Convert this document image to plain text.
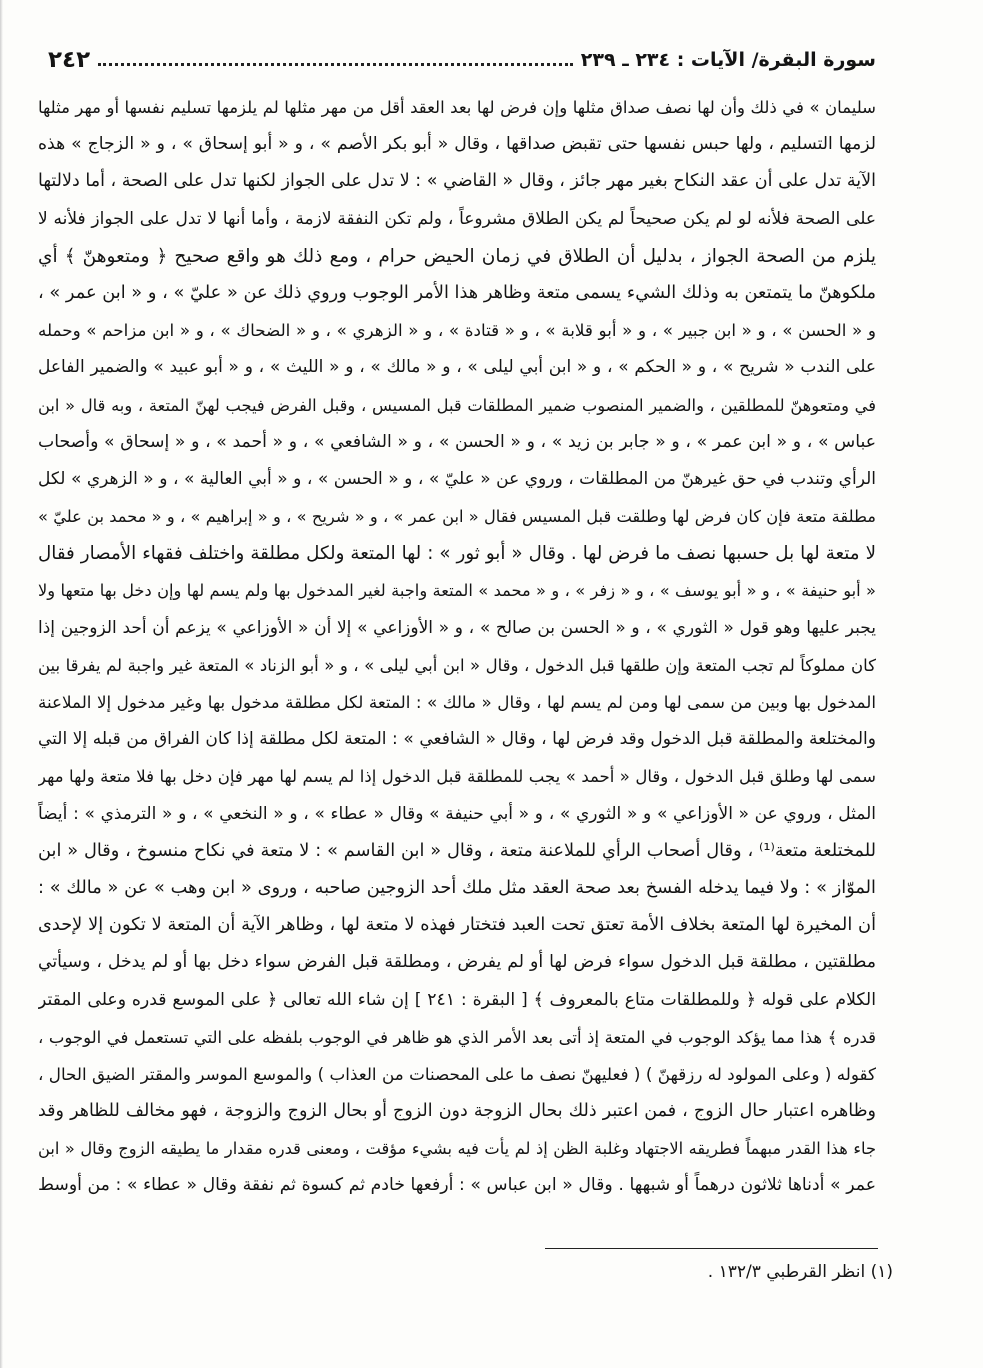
٢٤٢	سورة البقرة/ الآيات : ٢٣٤ ـ ٢٣٩
سليمان » في ذلك وأن لها نصف صداق مثلها وإن فرض لها بعد العقد أقل من مهر مثلها لم يلزمها تسليم نفسها أو مهر مثلها
لزمها التسليم ، ولها حبس نفسها حتى تقبض صداقها ، وقال « أبو بكر الأصم » ، و « أبو إسحاق » ، و « الزجاج » هذه
الآية تدل على أن عقد النكاح بغير مهر جائز ، وقال « القاضي » : لا تدل على الجواز لكنها تدل على الصحة ، أما دلالتها
على الصحة فلأنه لو لم يكن صحيحاً لم يكن الطلاق مشروعاً ، ولم تكن النفقة لازمة ، وأما أنها لا تدل على الجواز فلأنه لا
يلزم من الصحة الجواز ، بدليل أن الطلاق في زمان الحيض حرام ، ومع ذلك هو واقع صحيح ﴿ ومتعوهنّ ﴾ أي
ملكوهنّ ما يتمتعن به وذلك الشيء يسمى متعة وظاهر هذا الأمر الوجوب وروي ذلك عن « عليّ » ، و « ابن عمر » ،
و « الحسن » ، و « ابن جبير » ، و « أبو قلابة » ، و « قتادة » ، و « الزهري » ، و « الضحاك » ، و « ابن مزاحم » وحمله
على الندب « شريح » ، و « الحكم » ، و « ابن أبي ليلى » ، و « مالك » ، و « الليث » ، و « أبو عبيد » والضمير الفاعل
في ومتعوهنّ للمطلقين ، والضمير المنصوب ضمير المطلقات قبل المسيس ، وقبل الفرض فيجب لهنّ المتعة ، وبه قال « ابن
عباس » ، و « ابن عمر » ، و « جابر بن زيد » ، و « الحسن » ، و « الشافعي » ، و « أحمد » ، و « إسحاق » وأصحاب
الرأي وتندب في حق غيرهنّ من المطلقات ، وروي عن « عليّ » ، و « الحسن » ، و « أبي العالية » ، و « الزهري » لكل
مطلقة متعة فإن كان فرض لها وطلقت قبل المسيس فقال « ابن عمر » ، و « شريح » ، و « إبراهيم » ، و « محمد بن عليّ »
لا متعة لها بل حسبها نصف ما فرض لها . وقال « أبو ثور » : لها المتعة ولكل مطلقة واختلف فقهاء الأمصار فقال
« أبو حنيفة » ، و « أبو يوسف » ، و « زفر » ، و « محمد » المتعة واجبة لغير المدخول بها ولم يسم لها وإن دخل بها متعها ولا
يجبر عليها وهو قول « الثوري » ، و « الحسن بن صالح » ، و « الأوزاعي » إلا أن « الأوزاعي » يزعم أن أحد الزوجين إذا
كان مملوكاً لم تجب المتعة وإن طلقها قبل الدخول ، وقال « ابن أبي ليلى » ، و « أبو الزناد » المتعة غير واجبة لم يفرقا بين
المدخول بها وبين من سمى لها ومن لم يسم لها ، وقال « مالك » : المتعة لكل مطلقة مدخول بها وغير مدخول إلا الملاعنة
والمختلعة والمطلقة قبل الدخول وقد فرض لها ، وقال « الشافعي » : المتعة لكل مطلقة إذا كان الفراق من قبله إلا التي
سمى لها وطلق قبل الدخول ، وقال « أحمد » يجب للمطلقة قبل الدخول إذا لم يسم لها مهر فإن دخل بها فلا متعة ولها مهر
المثل ، وروي عن « الأوزاعي » و « الثوري » ، و « أبي حنيفة » وقال « عطاء » ، و « النخعي » ، و « الترمذي » : أيضاً
للمختلعة متعة⁽¹⁾ ، وقال أصحاب الرأي للملاعنة متعة ، وقال « ابن القاسم » : لا متعة في نكاح منسوخ ، وقال « ابن
الموّاز » : ولا فيما يدخله الفسخ بعد صحة العقد مثل ملك أحد الزوجين صاحبه ، وروى « ابن وهب » عن « مالك » :
أن المخيرة لها المتعة بخلاف الأمة تعتق تحت العبد فتختار فهذه لا متعة لها ، وظاهر الآية أن المتعة لا تكون إلا لإحدى
مطلقتين ، مطلقة قبل الدخول سواء فرض لها أو لم يفرض ، ومطلقة قبل الفرض سواء دخل بها أو لم يدخل ، وسيأتي
الكلام على قوله ﴿ وللمطلقات متاع بالمعروف ﴾ [ البقرة : ٢٤١ ] إن شاء الله تعالى ﴿ على الموسع قدره وعلى المقتر
قدره ﴾ هذا مما يؤكد الوجوب في المتعة إذ أتى بعد الأمر الذي هو ظاهر في الوجوب بلفظه على التي تستعمل في الوجوب ،
كقوله ( وعلى المولود له رزقهنّ ) ( فعليهنّ نصف ما على المحصنات من العذاب ) والموسع الموسر والمقتر الضيق الحال ،
وظاهره اعتبار حال الزوج ، فمن اعتبر ذلك بحال الزوجة دون الزوج أو بحال الزوج والزوجة ، فهو مخالف للظاهر وقد
جاء هذا القدر مبهماً فطريقه الاجتهاد وغلبة الظن إذ لم يأت فيه بشيء مؤقت ، ومعنى قدره مقدار ما يطيقه الزوج وقال « ابن
عمر » أدناها ثلاثون درهماً أو شبهها . وقال « ابن عباس » : أرفعها خادم ثم كسوة ثم نفقة وقال « عطاء » : من أوسط
(١) انظر القرطبي ١٣٢/٣ .
